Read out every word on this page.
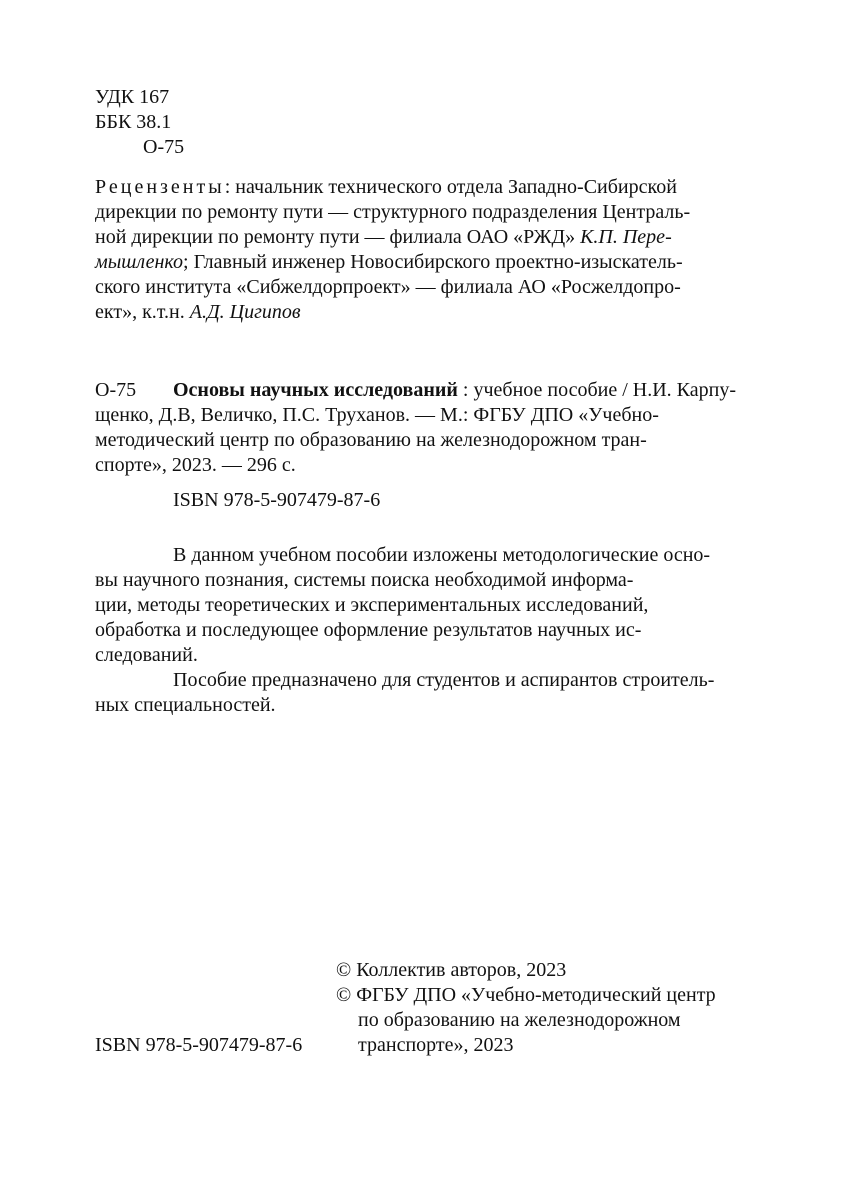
УДК 167
ББК 38.1
О-75
Рецензенты: начальник технического отдела Западно-Сибирской
дирекции по ремонту пути — структурного подразделения Централь-
ной дирекции по ремонту пути — филиала ОАО «РЖД» К.П. Пере-
мышленко; Главный инженер Новосибирского проектно-изыскатель-
ского института «Сибжелдорпроект» — филиала АО «Росжелдопро-
ект», к.т.н. А.Д. Цигипов
О-75 Основы научных исследований : учебное пособие / Н.И. Карпу-
щенко, Д.В, Величко, П.С. Труханов. — М.: ФГБУ ДПО «Учебно-
методический центр по образованию на железнодорожном тран-
спорте», 2023. — 296 с.
ISBN 978-5-907479-87-6
В данном учебном пособии изложены методологические осно-
вы научного познания, системы поиска необходимой информа-
ции, методы теоретических и экспериментальных исследований,
обработка и последующее оформление результатов научных ис-
следований.
Пособие предназначено для студентов и аспирантов строитель-
ных специальностей.
© Коллектив авторов, 2023
© ФГБУ ДПО «Учебно-методический центр
по образованию на железнодорожном
транспорте», 2023
ISBN 978-5-907479-87-6
